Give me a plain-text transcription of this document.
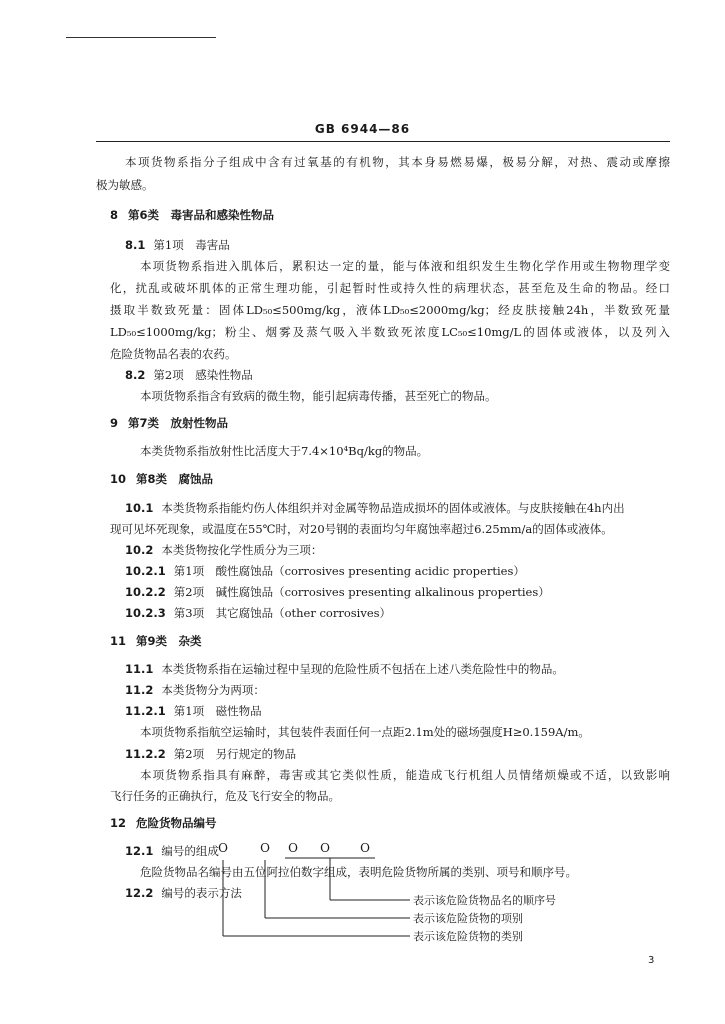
GB 6944—86
本项货物系指分子组成中含有过氧基的有机物，其本身易燃易爆，极易分解，对热、震动或摩擦
极为敏感。
8 第6类　毒害品和感染性物品
8.1 第1项　毒害品
本项货物系指进入肌体后，累积达一定的量，能与体液和组织发生生物化学作用或生物物理学变
化，扰乱或破坏肌体的正常生理功能，引起暂时性或持久性的病理状态，甚至危及生命的物品。经口
摄取半数致死量：固体LD₅₀≤500mg/kg，液体LD₅₀≤2000mg/kg；经皮肤接触24h，半数致死量
LD₅₀≤1000mg/kg；粉尘、烟雾及蒸气吸入半数致死浓度LC₅₀≤10mg/L的固体或液体，以及列入
危险货物品名表的农药。
8.2 第2项　感染性物品
本项货物系指含有致病的微生物，能引起病毒传播，甚至死亡的物品。
9 第7类　放射性物品
本类货物系指放射性比活度大于7.4×10⁴Bq/kg的物品。
10 第8类　腐蚀品
10.1 本类货物系指能灼伤人体组织并对金属等物品造成损坏的固体或液体。与皮肤接触在4h内出
现可见坏死现象，或温度在55℃时，对20号钢的表面均匀年腐蚀率超过6.25mm/a的固体或液体。
10.2 本类货物按化学性质分为三项：
10.2.1 第1项　酸性腐蚀品（corrosives presenting acidic properties）
10.2.2 第2项　碱性腐蚀品（corrosives presenting alkalinous properties）
10.2.3 第3项　其它腐蚀品（other corrosives）
11 第9类　杂类
11.1 本类货物系指在运输过程中呈现的危险性质不包括在上述八类危险性中的物品。
11.2 本类货物分为两项：
11.2.1 第1项　磁性物品
本项货物系指航空运输时，其包装件表面任何一点距2.1m处的磁场强度H≥0.159A/m。
11.2.2 第2项　另行规定的物品
本项货物系指具有麻醉，毒害或其它类似性质，能造成飞行机组人员情绪烦燥或不适，以致影响
飞行任务的正确执行，危及飞行安全的物品。
12 危险货物品编号
12.1 编号的组成
危险货物品名编号由五位阿拉伯数字组成，表明危险货物所属的类别、项号和顺序号。
12.2 编号的表示方法
O	O O O	O
表示该危险货物品名的顺序号
表示该危险货物的项别
表示该危险货物的类别
3
